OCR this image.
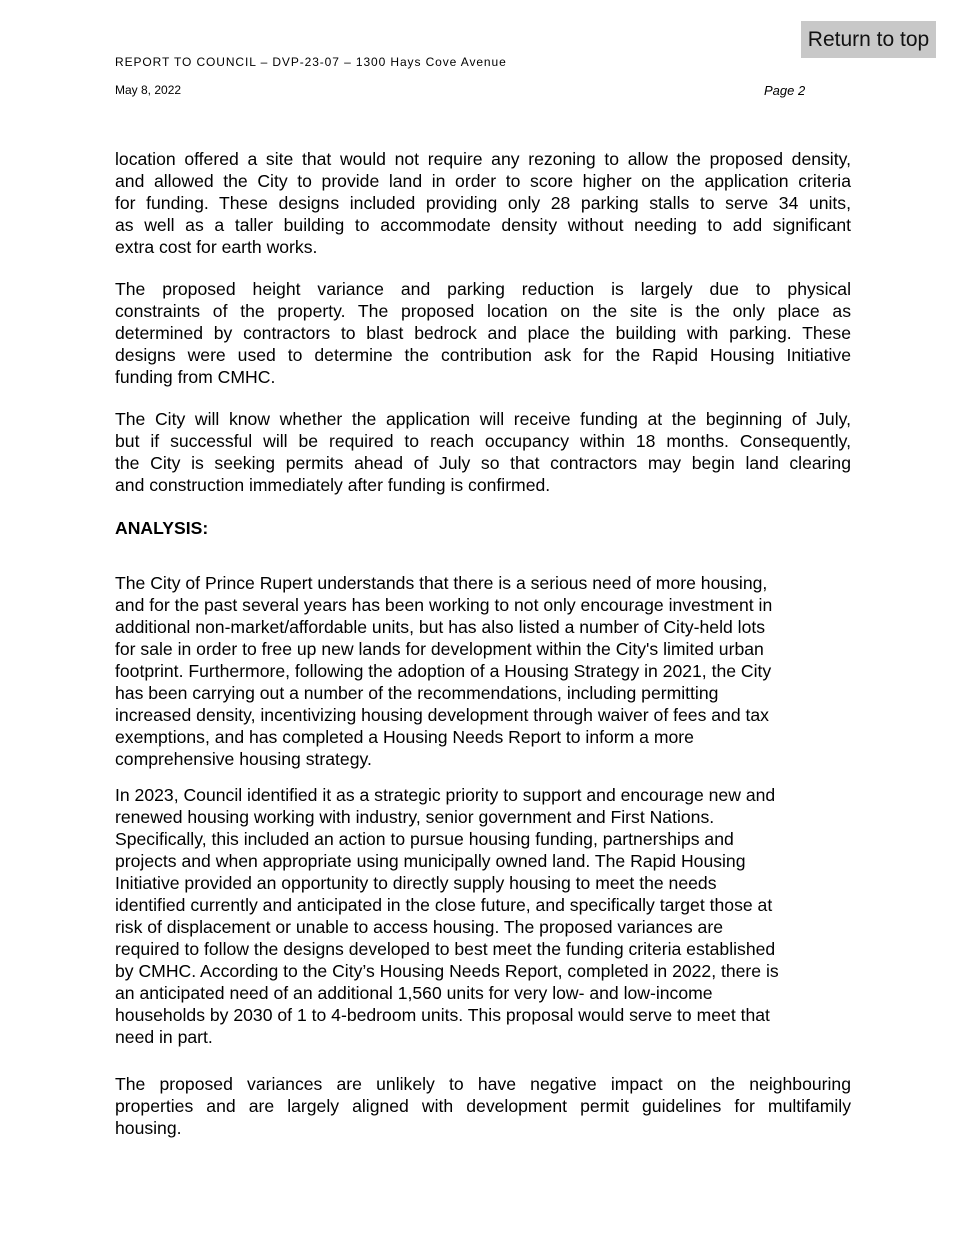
Return to top
REPORT TO COUNCIL – DVP-23-07 – 1300 Hays Cove Avenue
May 8, 2022	Page 2
location offered a site that would not require any rezoning to allow the proposed density,
and allowed the City to provide land in order to score higher on the application criteria
for funding. These designs included providing only 28 parking stalls to serve 34 units,
as well as a taller building to accommodate density without needing to add significant
extra cost for earth works.
The proposed height variance and parking reduction is largely due to physical
constraints of the property. The proposed location on the site is the only place as
determined by contractors to blast bedrock and place the building with parking. These
designs were used to determine the contribution ask for the Rapid Housing Initiative
funding from CMHC.
The City will know whether the application will receive funding at the beginning of July,
but if successful will be required to reach occupancy within 18 months. Consequently,
the City is seeking permits ahead of July so that contractors may begin land clearing
and construction immediately after funding is confirmed.
ANALYSIS:
The City of Prince Rupert understands that there is a serious need of more housing,
and for the past several years has been working to not only encourage investment in
additional non-market/affordable units, but has also listed a number of City-held lots
for sale in order to free up new lands for development within the City's limited urban
footprint. Furthermore, following the adoption of a Housing Strategy in 2021, the City
has been carrying out a number of the recommendations, including permitting
increased density, incentivizing housing development through waiver of fees and tax
exemptions, and has completed a Housing Needs Report to inform a more
comprehensive housing strategy.
In 2023, Council identified it as a strategic priority to support and encourage new and
renewed housing working with industry, senior government and First Nations.
Specifically, this included an action to pursue housing funding, partnerships and
projects and when appropriate using municipally owned land. The Rapid Housing
Initiative provided an opportunity to directly supply housing to meet the needs
identified currently and anticipated in the close future, and specifically target those at
risk of displacement or unable to access housing. The proposed variances are
required to follow the designs developed to best meet the funding criteria established
by CMHC. According to the City’s Housing Needs Report, completed in 2022, there is
an anticipated need of an additional 1,560 units for very low- and low-income
households by 2030 of 1 to 4-bedroom units. This proposal would serve to meet that
need in part.
The proposed variances are unlikely to have negative impact on the neighbouring
properties and are largely aligned with development permit guidelines for multifamily
housing.
